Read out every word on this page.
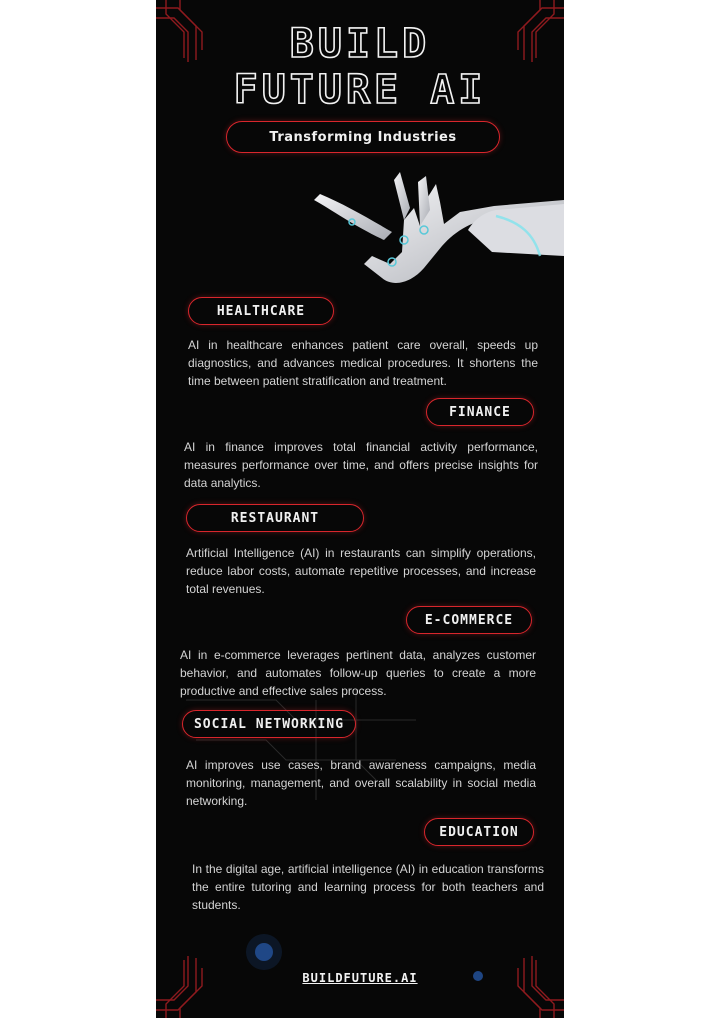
BUILD
FUTURE AI
Transforming Industries
HEALTHCARE
AI in healthcare enhances patient care overall, speeds up diagnostics, and advances medical procedures. It shortens the time between patient stratification and treatment.
FINANCE
AI in finance improves total financial activity performance, measures performance over time, and offers precise insights for data analytics.
RESTAURANT
Artificial Intelligence (AI) in restaurants can simplify operations, reduce labor costs, automate repetitive processes, and increase total revenues.
E-COMMERCE
AI in e-commerce leverages pertinent data, analyzes customer behavior, and automates follow-up queries to create a more productive and effective sales process.
SOCIAL NETWORKING
AI improves use cases, brand awareness campaigns, media monitoring, management, and overall scalability in social media networking.
EDUCATION
In the digital age, artificial intelligence (AI) in education transforms the entire tutoring and learning process for both teachers and students.
BUILDFUTURE.AI
